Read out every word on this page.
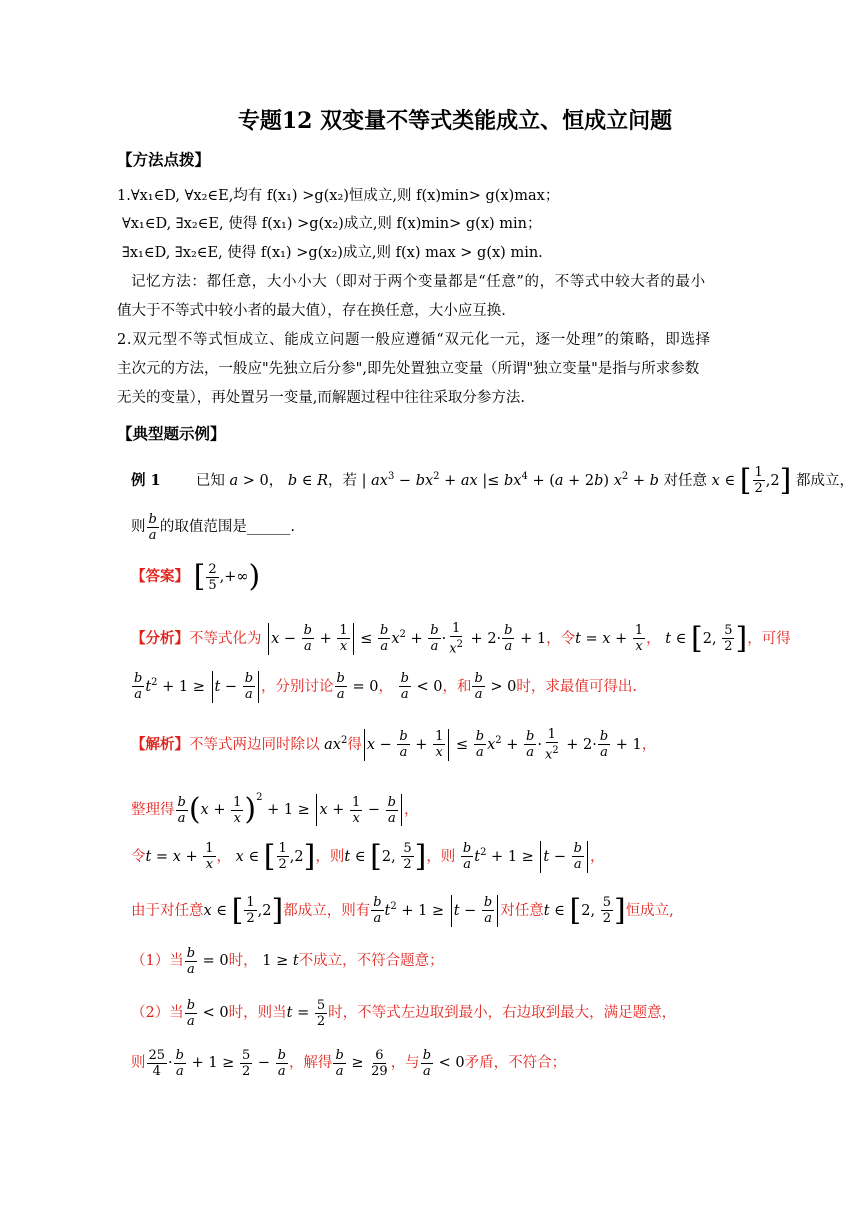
专题12 双变量不等式类能成立、恒成立问题
【方法点拨】
1.∀x₁∈D, ∀x₂∈E,均有 f(x₁) >g(x₂)恒成立,则 f(x)min> g(x)max；
∀x₁∈D, ∃x₂∈E, 使得 f(x₁) >g(x₂)成立,则 f(x)min> g(x) min；
∃x₁∈D, ∃x₂∈E, 使得 f(x₁) >g(x₂)成立,则 f(x) max > g(x) min.
记忆方法：都任意，大小小大（即对于两个变量都是“任意”的，不等式中较大者的最小
值大于不等式中较小者的最大值），存在换任意，大小应互换.
2.双元型不等式恒成立、能成立问题一般应遵循“双元化一元，逐一处理”的策略，即选择
主次元的方法，一般应"先独立后分参",即先处置独立变量（所谓"独立变量"是指与所求参数
无关的变量），再处置另一变量,而解题过程中往往采取分参方法.
【典型题示例】
例 1 已知 a > 0， b ∈ R，若 | $ax^3 - bx^2$ + ax |≤ $bx^4 + (a + 2b) x^2 + b$ 对任意 x ∈ [ $\frac{1}{2} ,2$] 都成立，
则 $\frac{b}{a}$ 的取值范围是______.
【答案】 [ $\frac{2}{5}$ ,+∞)
【分析】不等式化为 $x - \frac{b}{a} + \frac{1}{x} \le \frac{b}{a} x^2 + \frac{b}{a} \cdot \frac{1}{x^2} + 2\cdot \frac{b}{a} + 1$，令$t = x + \frac{1}{x}$ ， t ∈ [2, $\frac{5}{2}$ ]，可得
$\frac{b}{a} t^2 + 1 \ge t - \frac{b}{a}$ ，分别讨论 $\frac{b}{a} = 0$， $\frac{b}{a} < 0$，和 $\frac{b}{a} > 0$时，求最值可得出.
【解析】不等式两边同时除以 $ax^2$得 $x - \frac{b}{a} + \frac{1}{x} \le \frac{b}{a} x^2 + \frac{b}{a} \cdot \frac{1}{x^2} + 2\cdot \frac{b}{a} + 1$，
整理得 $\frac{b}{a} (x + \frac{1}{x} )^2 + 1 \ge x + \frac{1}{x} - \frac{b}{a}$ ，
令$t = x + \frac{1}{x}$ ， x ∈ [ $\frac{1}{2} ,2$]，则t ∈ [2, $\frac{5}{2}$ ]，则 $\frac{b}{a} t^2 + 1 \ge t - \frac{b}{a}$ ，
由于对任意x ∈ [ $\frac{1}{2} ,2$]都成立，则有 $\frac{b}{a} t^2 + 1 \ge t - \frac{b}{a}$ 对任意t ∈ [2, $\frac{5}{2}$ ]恒成立,
（1）当 $\frac{b}{a} = 0$时， 1 ≥ t不成立，不符合题意；
（2）当 $\frac{b}{a} < 0$时，则当$t = \frac{5}{2}$ 时，不等式左边取到最小，右边取到最大，满足题意，
则 $\frac{25}{4} \cdot \frac{b}{a} + 1 \ge \frac{5}{2} - \frac{b}{a}$ ，解得 $\frac{b}{a} \ge \frac{6}{29}$ ，与 $\frac{b}{a} < 0$矛盾，不符合；
